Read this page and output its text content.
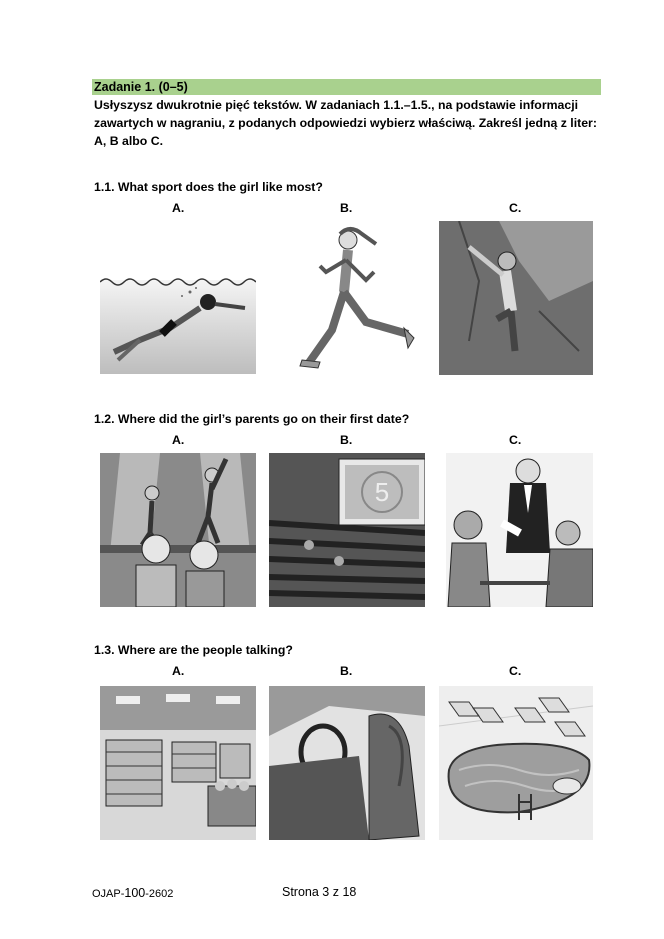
Zadanie 1. (0–5)
Usłyszysz dwukrotnie pięć tekstów. W zadaniach 1.1.–1.5., na podstawie informacji
zawartych w nagraniu, z podanych odpowiedzi wybierz właściwą. Zakreśl jedną z liter:
A, B albo C.
1.1. What sport does the girl like most?
A.	B.	C.
1.2. Where did the girl’s parents go on their first date?
A.	B.	C.
5
1.3. Where are the people talking?
A.	B.	C.
OJAP-100-2602	Strona 3 z 18
